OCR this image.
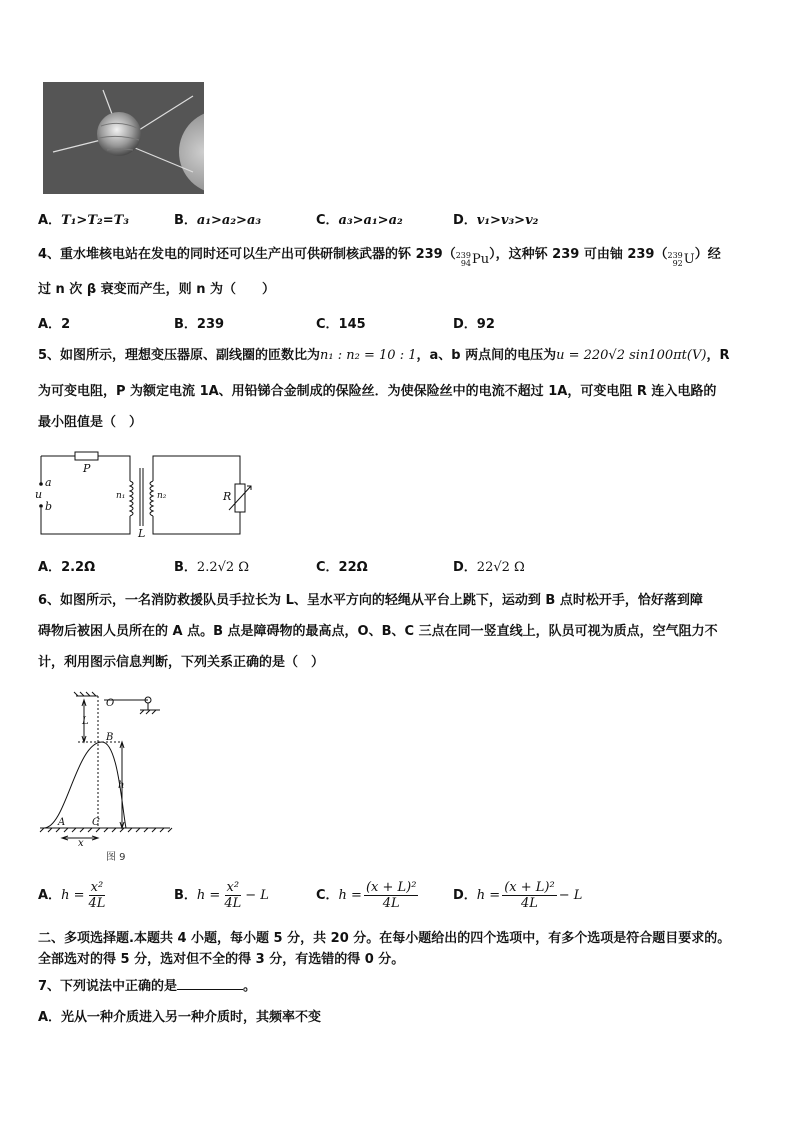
A．T₁>T₂=T₃	B．a₁>a₂>a₃	C．a₃>a₁>a₂	D．v₁>v₃>v₂
4、重水堆核电站在发电的同时还可以生产出可供研制核武器的钚 239（ 239
94 Pu ），这种钚 239 可由铀 239（ 239
92 U ）经
过 n 次 β 衰变而产生，则 n 为（　　）
A．2	B．239	C．145	D．92
5、如图所示，理想变压器原、副线圈的匝数比为n₁ : n₂ = 10 : 1，a、b 两点间的电压为u = 220√2 sin100πt(V)，R
为可变电阻，P 为额定电流 1A、用铅锑合金制成的保险丝．为使保险丝中的电流不超过 1A，可变电阻 R 连入电路的
最小阻值是（　）
P
a
u
b
n₁	n₂
L
R
A．2.2Ω	B．2.2√2 Ω	C．22Ω	D．22√2 Ω
6、如图所示，一名消防救援队员手拉长为 L、呈水平方向的轻绳从平台上跳下，运动到 B 点时松开手，恰好落到障
碍物后被困人员所在的 A 点。B 点是障碍物的最高点，O、B、C 三点在同一竖直线上，队员可视为质点，空气阻力不
计，利用图示信息判断，下列关系正确的是（　）
O
L
B
h
A	C
x
图 9
A．$h = \frac{\text{x²}}{4L}$	B．$h = \frac{\text{x²}}{4L} - L$	C．$h = \frac{\text{(x + L)²}}{4L}$	D．$h = \frac{\text{(x + L)²}}{4L} - L$
二、多项选择题.本题共 4 小题，每小题 5 分，共 20 分。在每小题给出的四个选项中，有多个选项是符合题目要求的。
全部选对的得 5 分，选对但不全的得 3 分，有选错的得 0 分。
7、下列说法中正确的是	。
A．光从一种介质进入另一种介质时，其频率不变
